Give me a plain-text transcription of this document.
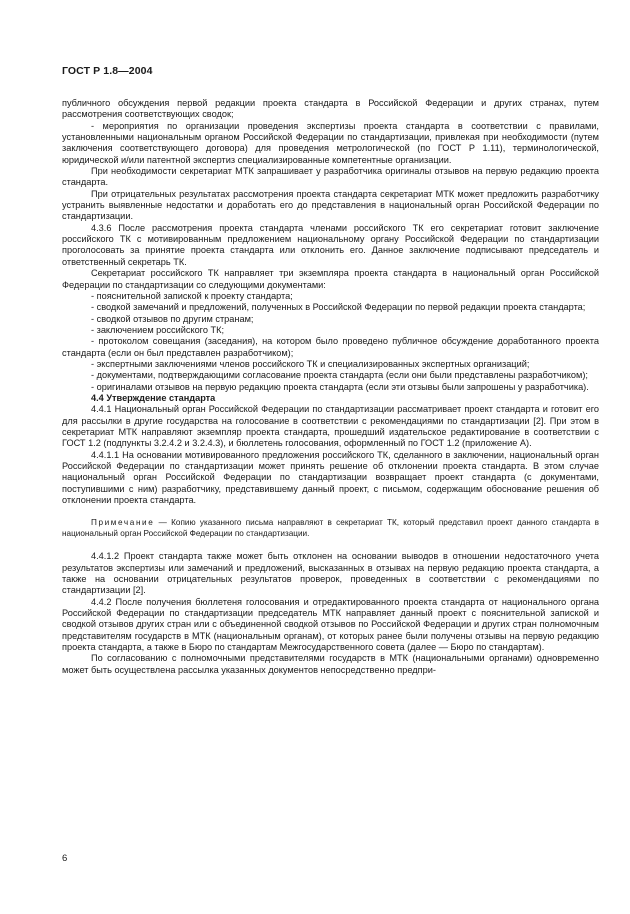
ГОСТ Р 1.8—2004

публичного обсуждения первой редакции проекта стандарта в Российской Федерации и других странах, путем рассмотрения соответствующих сводок;

- мероприятия по организации проведения экспертизы проекта стандарта в соответствии с правилами, установленными национальным органом Российской Федерации по стандартизации, привлекая при необходимости (путем заключения соответствующего договора) для проведения метрологической (по ГОСТ Р 1.11), терминологической, юридической и/или патентной экспертиз специализированные компетентные организации.

При необходимости секретариат МТК запрашивает у разработчика оригиналы отзывов на первую редакцию проекта стандарта.

При отрицательных результатах рассмотрения проекта стандарта секретариат МТК может предложить разработчику устранить выявленные недостатки и доработать его до представления в национальный орган Российской Федерации по стандартизации.

4.3.6 После рассмотрения проекта стандарта членами российского ТК его секретариат готовит заключение российского ТК с мотивированным предложением национальному органу Российской Федерации по стандартизации проголосовать за принятие проекта стандарта или отклонить его. Данное заключение подписывают председатель и ответственный секретарь ТК.

Секретариат российского ТК направляет три экземпляра проекта стандарта в национальный орган Российской Федерации по стандартизации со следующими документами:

- пояснительной запиской к проекту стандарта;

- сводкой замечаний и предложений, полученных в Российской Федерации по первой редакции проекта стандарта;

- сводкой отзывов по другим странам;

- заключением российского ТК;

- протоколом совещания (заседания), на котором было проведено публичное обсуждение доработанного проекта стандарта (если он был представлен разработчиком);

- экспертными заключениями членов российского ТК и специализированных экспертных организаций;

- документами, подтверждающими согласование проекта стандарта (если они были представлены разработчиком);

- оригиналами отзывов на первую редакцию проекта стандарта (если эти отзывы были запрошены у разработчика).

4.4 Утверждение стандарта

4.4.1 Национальный орган Российской Федерации по стандартизации рассматривает проект стандарта и готовит его для рассылки в другие государства на голосование в соответствии с рекомендациями по стандартизации [2]. При этом в секретариат МТК направляют экземпляр проекта стандарта, прошедший издательское редактирование в соответствии с ГОСТ 1.2 (подпункты 3.2.4.2 и 3.2.4.3), и бюллетень голосования, оформленный по ГОСТ 1.2 (приложение А).

4.4.1.1 На основании мотивированного предложения российского ТК, сделанного в заключении, национальный орган Российской Федерации по стандартизации может принять решение об отклонении проекта стандарта. В этом случае национальный орган Российской Федерации по стандартизации возвращает проект стандарта (с документами, поступившими с ним) разработчику, представившему данный проект, с письмом, содержащим обоснование решения об отклонении проекта стандарта.

Примечание — Копию указанного письма направляют в секретариат ТК, который представил проект данного стандарта в национальный орган Российской Федерации по стандартизации.

4.4.1.2 Проект стандарта также может быть отклонен на основании выводов в отношении недостаточного учета результатов экспертизы или замечаний и предложений, высказанных в отзывах на первую редакцию проекта стандарта, а также на основании отрицательных результатов проверок, проведенных в соответствии с рекомендациями по стандартизации [2].

4.4.2 После получения бюллетеня голосования и отредактированного проекта стандарта от национального органа Российской Федерации по стандартизации председатель МТК направляет данный проект с пояснительной запиской и сводкой отзывов других стран или с объединенной сводкой отзывов по Российской Федерации и других стран полномочным представителям государств в МТК (национальным органам), от которых ранее были получены отзывы на первую редакцию проекта стандарта, а также в Бюро по стандартам Межгосударственного совета (далее — Бюро по стандартам).

По согласованию с полномочными представителями государств в МТК (национальными органами) одновременно может быть осуществлена рассылка указанных документов непосредственно предпри-

6
